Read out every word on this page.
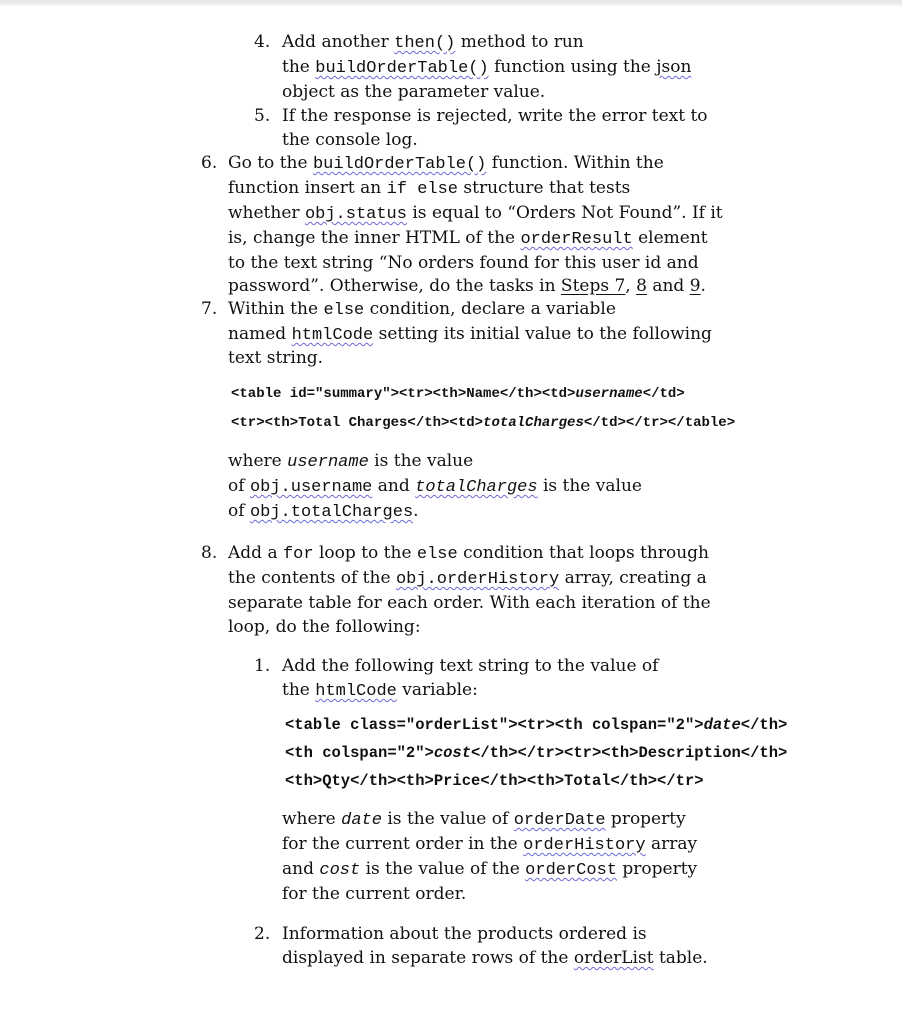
4. Add another then() method to run
the buildOrderTable() function using the json
object as the parameter value.
5. If the response is rejected, write the error text to
the console log.
6. Go to the buildOrderTable() function. Within the
function insert an if else structure that tests
whether obj.status is equal to “Orders Not Found”. If it
is, change the inner HTML of the orderResult element
to the text string “No orders found for this user id and
password”. Otherwise, do the tasks in Steps 7, 8 and 9.
7. Within the else condition, declare a variable
named htmlCode setting its initial value to the following
text string.
<table id="summary"><tr><th>Name</th><td>username</td>
<tr><th>Total Charges</th><td>totalCharges</td></tr></table>
where username is the value
of obj.username and totalCharges is the value
of obj.totalCharges.
8. Add a for loop to the else condition that loops through
the contents of the obj.orderHistory array, creating a
separate table for each order. With each iteration of the
loop, do the following:
1. Add the following text string to the value of
the htmlCode variable:
<table class="orderList"><tr><th colspan="2">date</th>
<th colspan="2">cost</th></tr><tr><th>Description</th>
<th>Qty</th><th>Price</th><th>Total</th></tr>
where date is the value of orderDate property
for the current order in the orderHistory array
and cost is the value of the orderCost property
for the current order.
2. Information about the products ordered is
displayed in separate rows of the orderList table.
